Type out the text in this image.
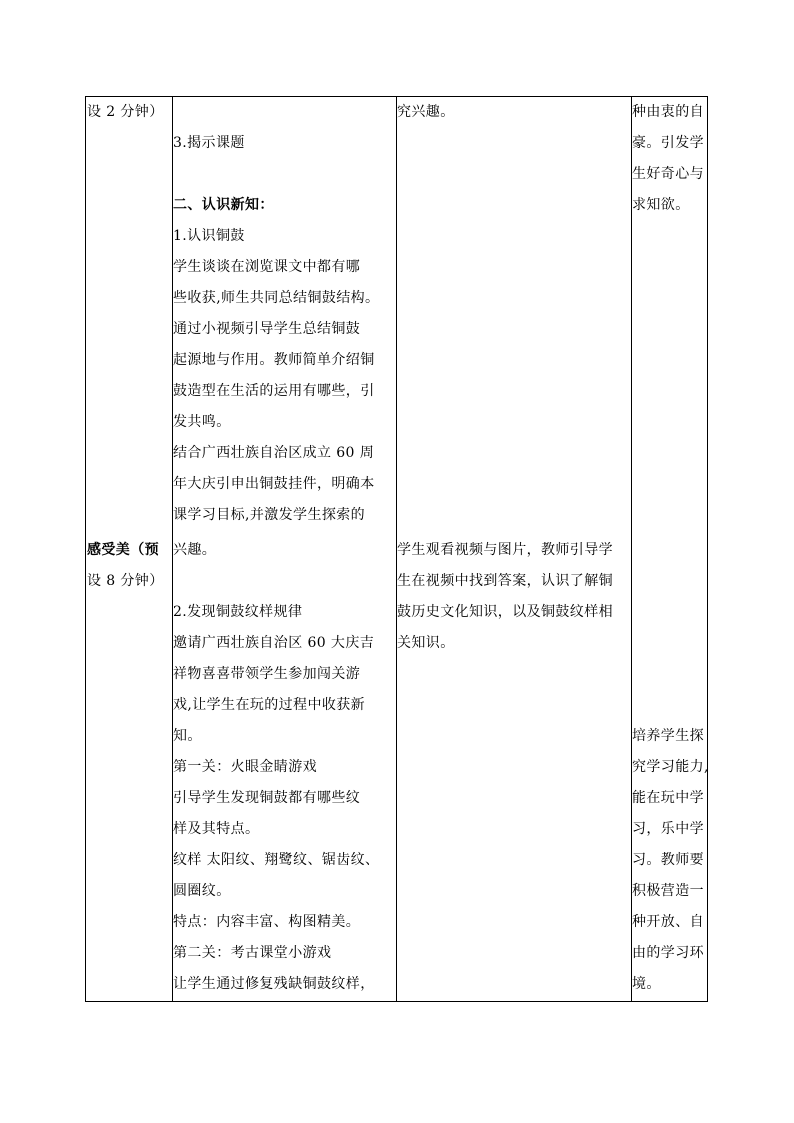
设 2 分钟）
感受美（预
设 8 分钟）
3.揭示课题
二、认识新知：
1.认识铜鼓
学生谈谈在浏览课文中都有哪
些收获,师生共同总结铜鼓结构。
通过小视频引导学生总结铜鼓
起源地与作用。教师简单介绍铜
鼓造型在生活的运用有哪些，引
发共鸣。
结合广西壮族自治区成立 60 周
年大庆引申出铜鼓挂件，明确本
课学习目标,并激发学生探索的
兴趣。
2.发现铜鼓纹样规律
邀请广西壮族自治区 60 大庆吉
祥物喜喜带领学生参加闯关游
戏,让学生在玩的过程中收获新
知。
第一关：火眼金睛游戏
引导学生发现铜鼓都有哪些纹
样及其特点。
纹样 太阳纹、翔鹭纹、锯齿纹、
圆圈纹。
特点：内容丰富、构图精美。
第二关：考古课堂小游戏
让学生通过修复残缺铜鼓纹样，
究兴趣。
学生观看视频与图片，教师引导学
生在视频中找到答案，认识了解铜
鼓历史文化知识，以及铜鼓纹样相
关知识。
种由衷的自
豪。引发学
生好奇心与
求知欲。
培养学生探
究学习能力,
能在玩中学
习，乐中学
习。教师要
积极营造一
种开放、自
由的学习环
境。
